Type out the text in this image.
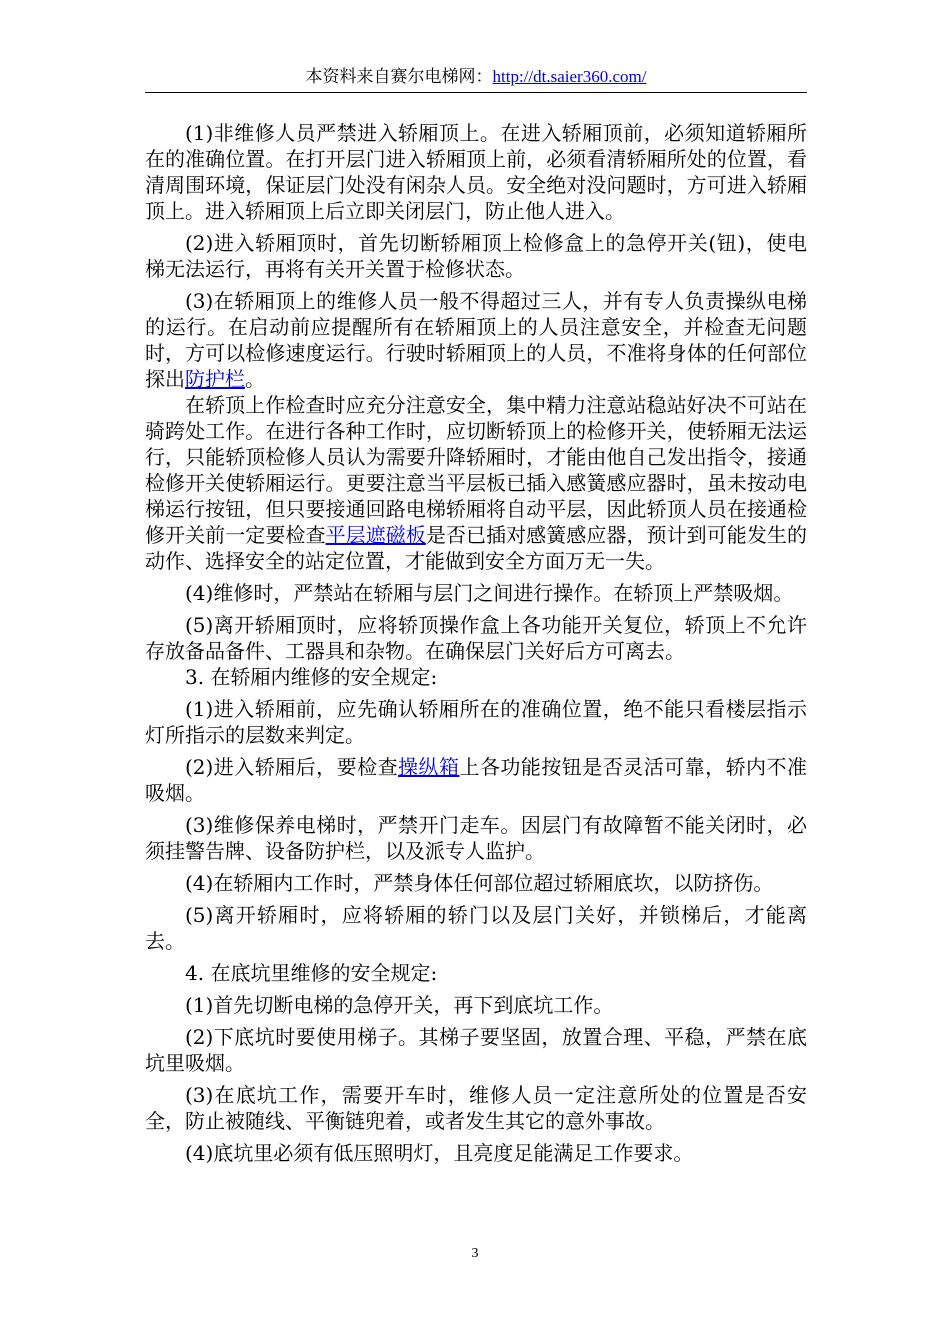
本资料来自赛尔电梯网：http://dt.saier360.com/

(1)非维修人员严禁进入轿厢顶上。在进入轿厢顶前，必须知道轿厢所在的准确位置。在打开层门进入轿厢顶上前，必须看清轿厢所处的位置，看清周围环境，保证层门处没有闲杂人员。安全绝对没问题时，方可进入轿厢顶上。进入轿厢顶上后立即关闭层门，防止他人进入。

(2)进入轿厢顶时，首先切断轿厢顶上检修盒上的急停开关(钮)，使电梯无法运行，再将有关开关置于检修状态。

(3)在轿厢顶上的维修人员一般不得超过三人，并有专人负责操纵电梯的运行。在启动前应提醒所有在轿厢顶上的人员注意安全，并检查无问题时，方可以检修速度运行。行驶时轿厢顶上的人员，不准将身体的任何部位探出防护栏。

在轿顶上作检查时应充分注意安全，集中精力注意站稳站好决不可站在骑跨处工作。在进行各种工作时，应切断轿顶上的检修开关，使轿厢无法运行，只能轿顶检修人员认为需要升降轿厢时，才能由他自己发出指令，接通检修开关使轿厢运行。更要注意当平层板已插入感簧感应器时，虽未按动电梯运行按钮，但只要接通回路电梯轿厢将自动平层，因此轿顶人员在接通检修开关前一定要检查平层遮磁板是否已插对感簧感应器，预计到可能发生的动作、选择安全的站定位置，才能做到安全方面万无一失。

(4)维修时，严禁站在轿厢与层门之间进行操作。在轿顶上严禁吸烟。

(5)离开轿厢顶时，应将轿顶操作盒上各功能开关复位，轿顶上不允许存放备品备件、工器具和杂物。在确保层门关好后方可离去。

3. 在轿厢内维修的安全规定:

(1)进入轿厢前，应先确认轿厢所在的准确位置，绝不能只看楼层指示灯所指示的层数来判定。

(2)进入轿厢后，要检查操纵箱上各功能按钮是否灵活可靠，轿内不准吸烟。

(3)维修保养电梯时，严禁开门走车。因层门有故障暂不能关闭时，必须挂警告牌、设备防护栏，以及派专人监护。

(4)在轿厢内工作时，严禁身体任何部位超过轿厢底坎，以防挤伤。

(5)离开轿厢时，应将轿厢的轿门以及层门关好，并锁梯后，才能离去。

4. 在底坑里维修的安全规定:

(1)首先切断电梯的急停开关，再下到底坑工作。

(2)下底坑时要使用梯子。其梯子要坚固，放置合理、平稳，严禁在底坑里吸烟。

(3)在底坑工作，需要开车时，维修人员一定注意所处的位置是否安全，防止被随线、平衡链兜着，或者发生其它的意外事故。

(4)底坑里必须有低压照明灯，且亮度足能满足工作要求。

3
